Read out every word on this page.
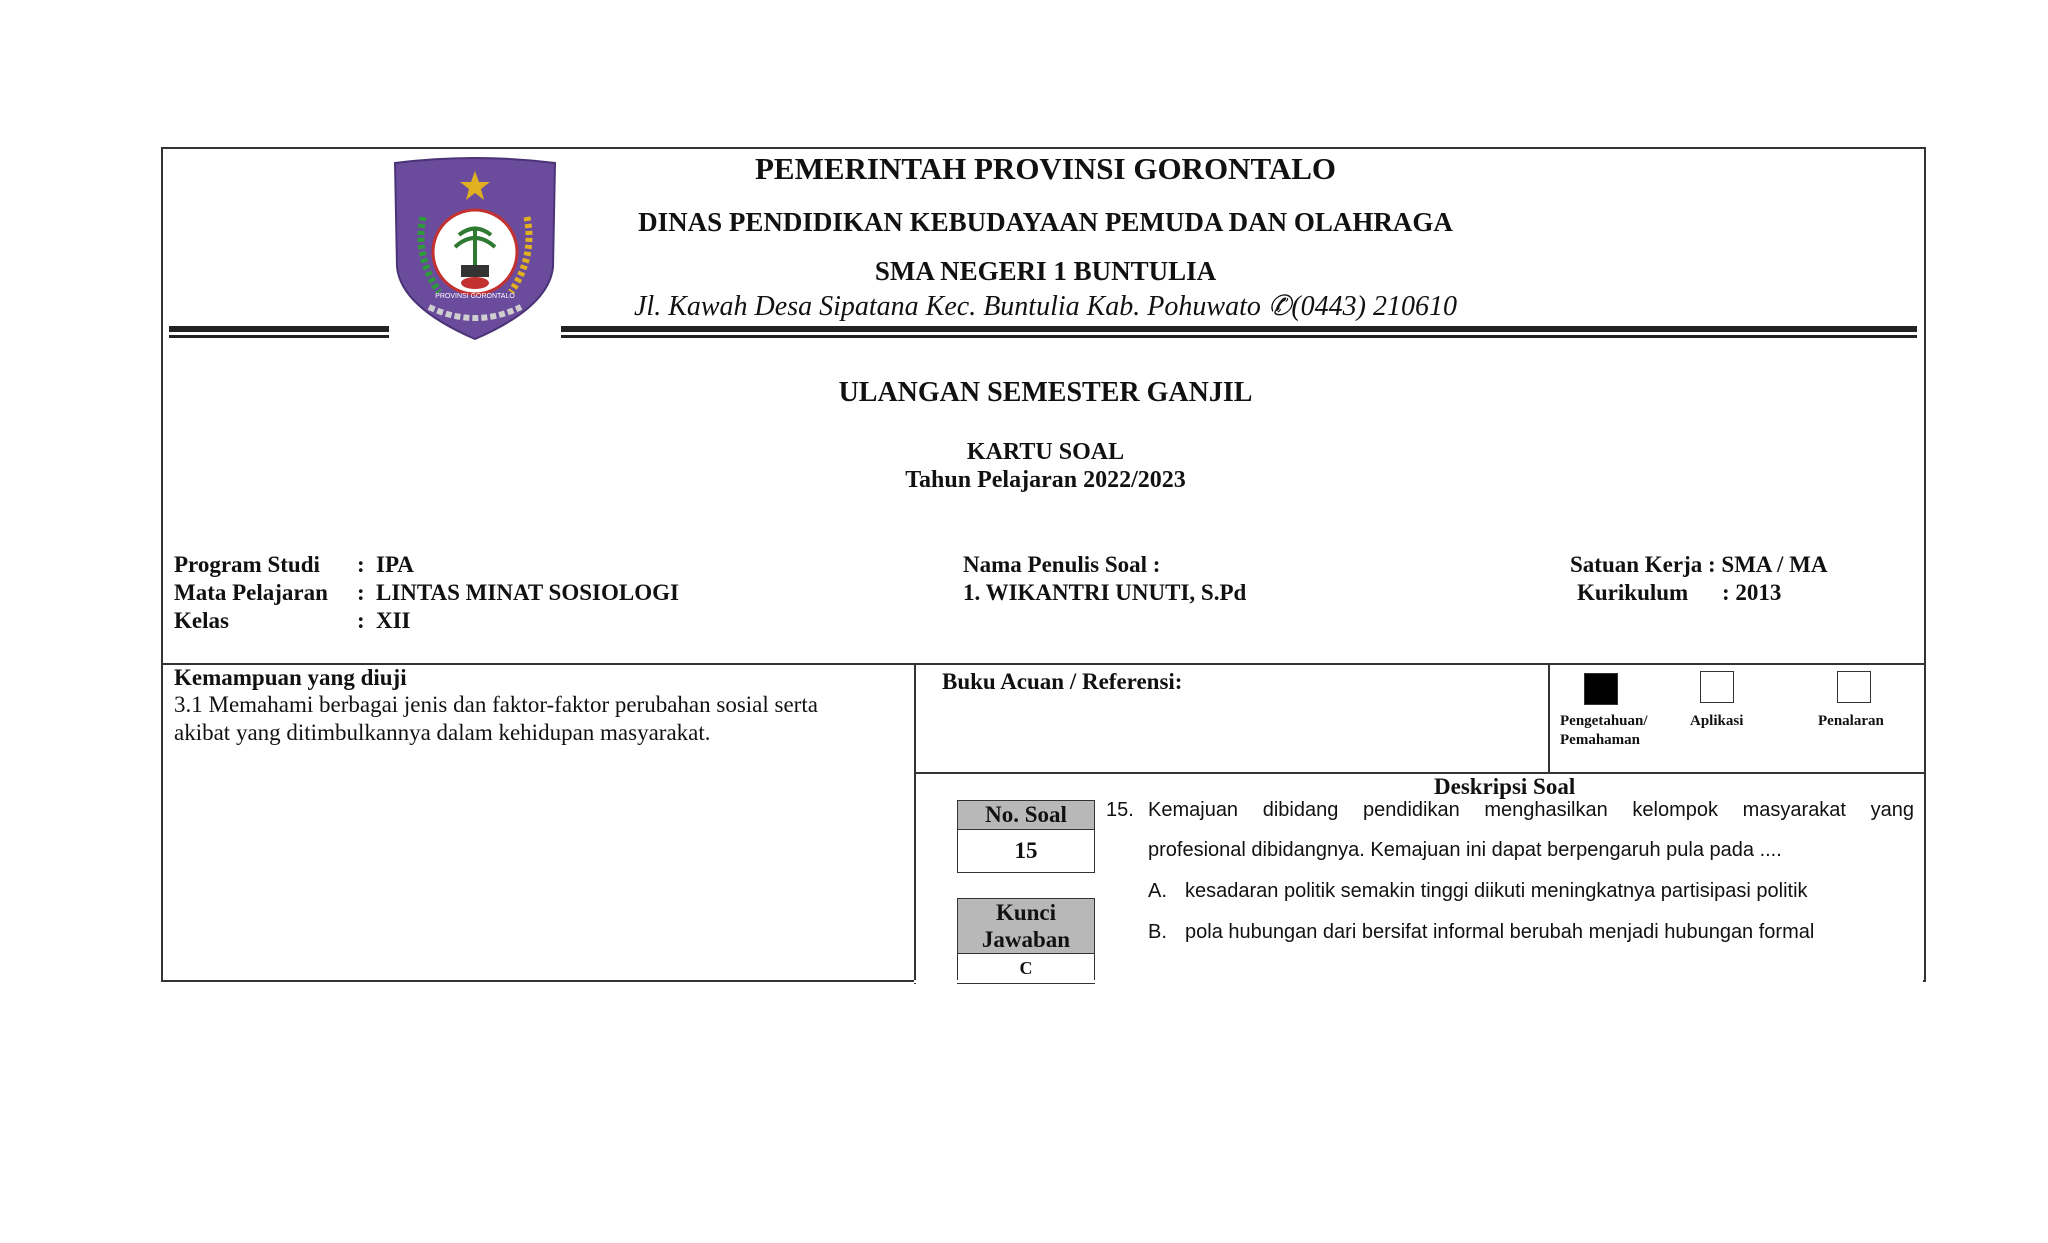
PROVINSI GORONTALO
PEMERINTAH PROVINSI GORONTALO
DINAS PENDIDIKAN KEBUDAYAAN PEMUDA DAN OLAHRAGA
SMA NEGERI 1 BUNTULIA
Jl. Kawah Desa Sipatana Kec. Buntulia Kab. Pohuwato ✆(0443) 210610
ULANGAN SEMESTER GANJIL
KARTU SOAL
Tahun Pelajaran 2022/2023
Program Studi
Mata Pelajaran
Kelas
:
:
:
IPA
LINTAS MINAT SOSIOLOGI
XII
Nama Penulis Soal :
1. WIKANTRI UNUTI, S.Pd
Satuan Kerja : SMA / MA
Kurikulum : 2013
Kemampuan yang diuji
3.1 Memahami berbagai jenis dan faktor-faktor perubahan sosial serta
akibat yang ditimbulkannya dalam kehidupan masyarakat.
Buku Acuan / Referensi:
Pengetahuan/
Pemahaman
Aplikasi	Penalaran
Deskripsi Soal
No. Soal
15
Kunci
Jawaban
C
15. Kemajuan dibidang pendidikan menghasilkan kelompok masyarakat yang
profesional dibidangnya. Kemajuan ini dapat berpengaruh pula pada ....
A. kesadaran politik semakin tinggi diikuti meningkatnya partisipasi politik
B. pola hubungan dari bersifat informal berubah menjadi hubungan formal
